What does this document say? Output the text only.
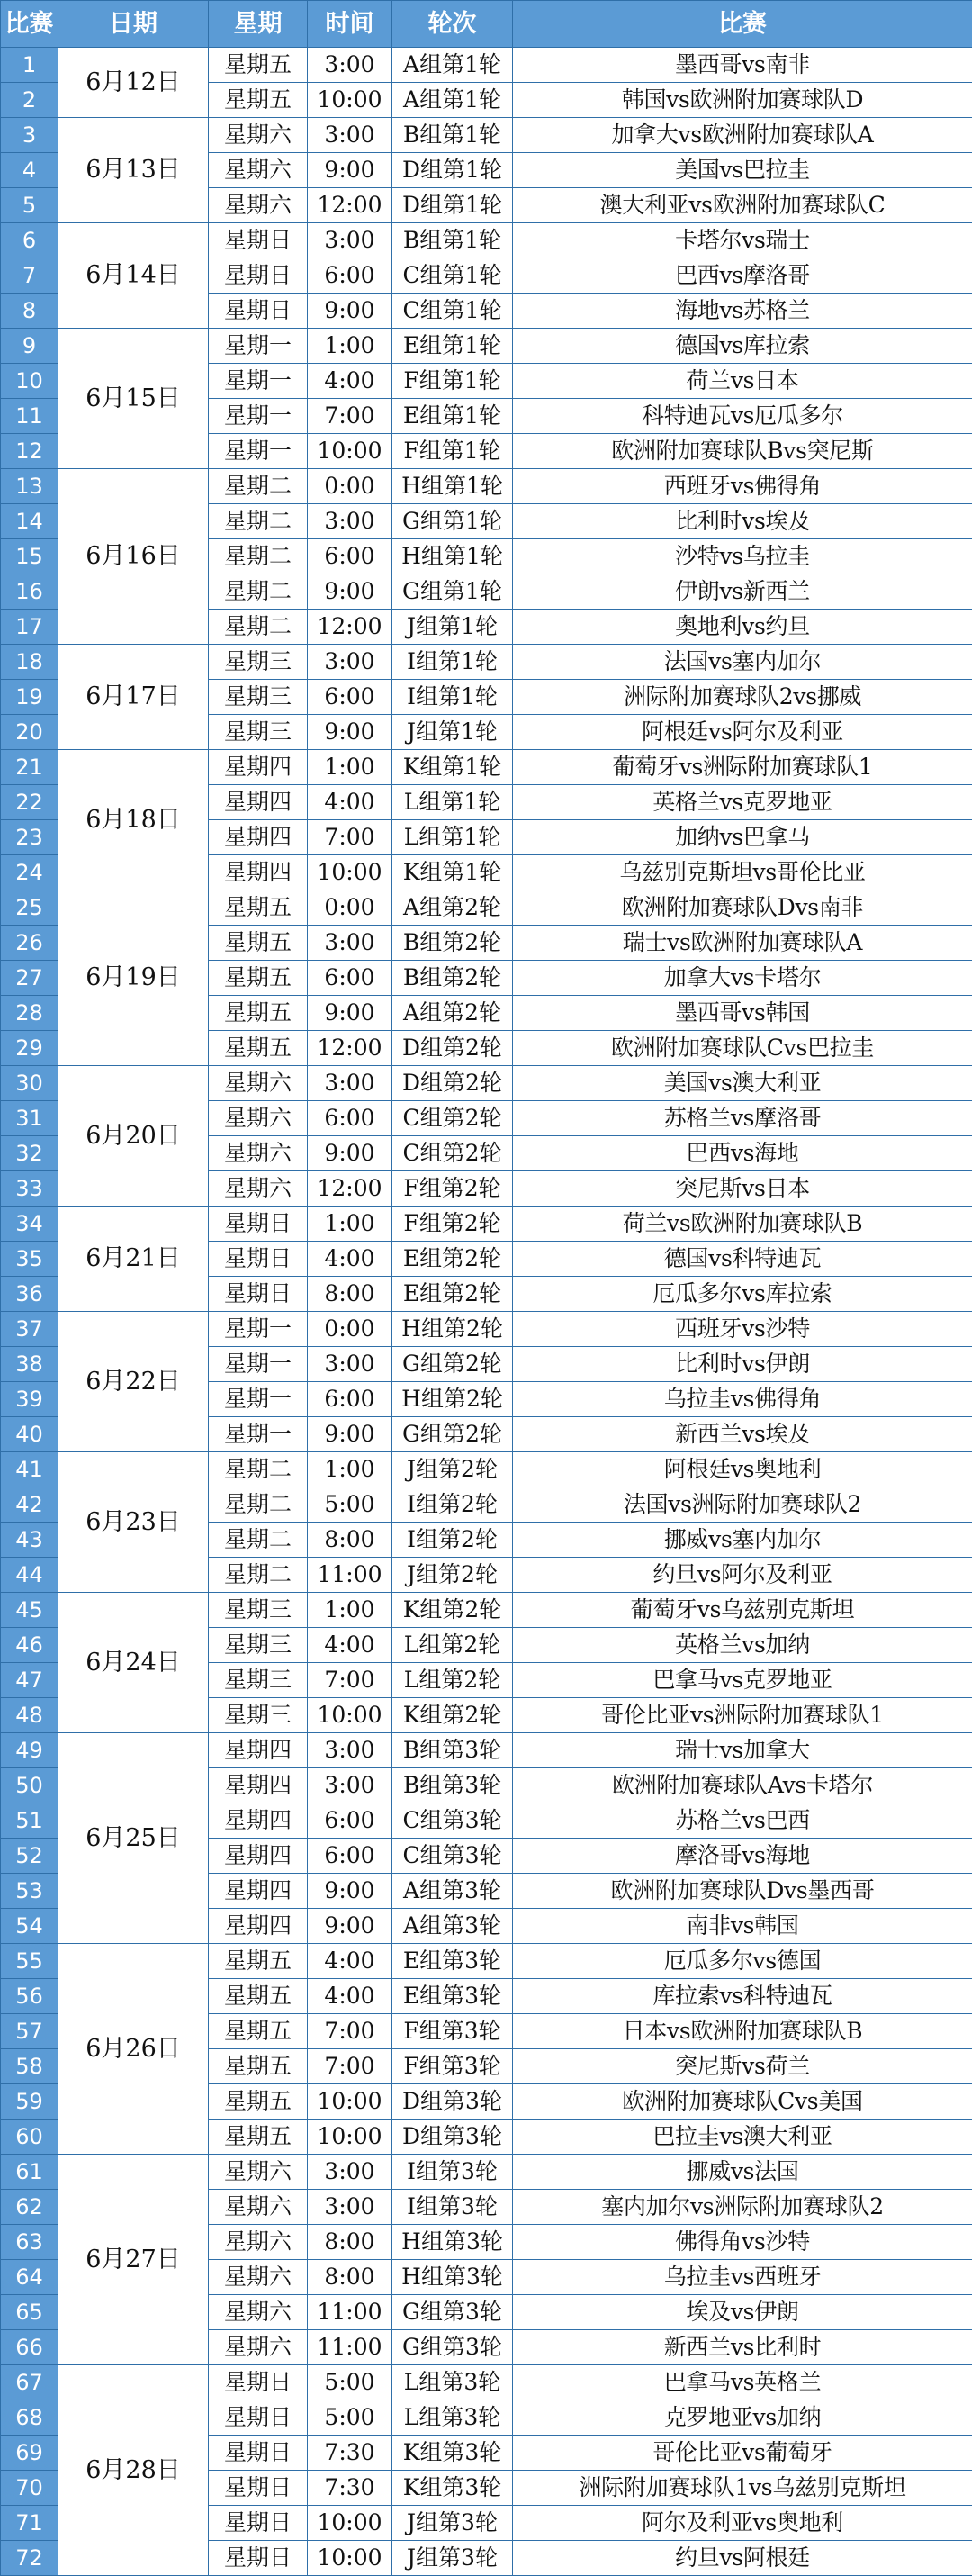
比赛	日期	星期	时间	轮次	比赛
1	6月12日	星期五	3:00	A组第1轮	墨西哥vs南非
2		星期五	10:00	A组第1轮	韩国vs欧洲附加赛球队D
3	6月13日	星期六	3:00	B组第1轮	加拿大vs欧洲附加赛球队A
4		星期六	9:00	D组第1轮	美国vs巴拉圭
5		星期六	12:00	D组第1轮	澳大利亚vs欧洲附加赛球队C
6	6月14日	星期日	3:00	B组第1轮	卡塔尔vs瑞士
7		星期日	6:00	C组第1轮	巴西vs摩洛哥
8		星期日	9:00	C组第1轮	海地vs苏格兰
9	6月15日	星期一	1:00	E组第1轮	德国vs库拉索
10		星期一	4:00	F组第1轮	荷兰vs日本
11		星期一	7:00	E组第1轮	科特迪瓦vs厄瓜多尔
12		星期一	10:00	F组第1轮	欧洲附加赛球队Bvs突尼斯
13	6月16日	星期二	0:00	H组第1轮	西班牙vs佛得角
14		星期二	3:00	G组第1轮	比利时vs埃及
15		星期二	6:00	H组第1轮	沙特vs乌拉圭
16		星期二	9:00	G组第1轮	伊朗vs新西兰
17		星期二	12:00	J组第1轮	奥地利vs约旦
18	6月17日	星期三	3:00	I组第1轮	法国vs塞内加尔
19		星期三	6:00	I组第1轮	洲际附加赛球队2vs挪威
20		星期三	9:00	J组第1轮	阿根廷vs阿尔及利亚
21	6月18日	星期四	1:00	K组第1轮	葡萄牙vs洲际附加赛球队1
22		星期四	4:00	L组第1轮	英格兰vs克罗地亚
23		星期四	7:00	L组第1轮	加纳vs巴拿马
24		星期四	10:00	K组第1轮	乌兹别克斯坦vs哥伦比亚
25	6月19日	星期五	0:00	A组第2轮	欧洲附加赛球队Dvs南非
26		星期五	3:00	B组第2轮	瑞士vs欧洲附加赛球队A
27		星期五	6:00	B组第2轮	加拿大vs卡塔尔
28		星期五	9:00	A组第2轮	墨西哥vs韩国
29		星期五	12:00	D组第2轮	欧洲附加赛球队Cvs巴拉圭
30	6月20日	星期六	3:00	D组第2轮	美国vs澳大利亚
31		星期六	6:00	C组第2轮	苏格兰vs摩洛哥
32		星期六	9:00	C组第2轮	巴西vs海地
33		星期六	12:00	F组第2轮	突尼斯vs日本
34	6月21日	星期日	1:00	F组第2轮	荷兰vs欧洲附加赛球队B
35		星期日	4:00	E组第2轮	德国vs科特迪瓦
36		星期日	8:00	E组第2轮	厄瓜多尔vs库拉索
37	6月22日	星期一	0:00	H组第2轮	西班牙vs沙特
38		星期一	3:00	G组第2轮	比利时vs伊朗
39		星期一	6:00	H组第2轮	乌拉圭vs佛得角
40		星期一	9:00	G组第2轮	新西兰vs埃及
41	6月23日	星期二	1:00	J组第2轮	阿根廷vs奥地利
42		星期二	5:00	I组第2轮	法国vs洲际附加赛球队2
43		星期二	8:00	I组第2轮	挪威vs塞内加尔
44		星期二	11:00	J组第2轮	约旦vs阿尔及利亚
45	6月24日	星期三	1:00	K组第2轮	葡萄牙vs乌兹别克斯坦
46		星期三	4:00	L组第2轮	英格兰vs加纳
47		星期三	7:00	L组第2轮	巴拿马vs克罗地亚
48		星期三	10:00	K组第2轮	哥伦比亚vs洲际附加赛球队1
49	6月25日	星期四	3:00	B组第3轮	瑞士vs加拿大
50		星期四	3:00	B组第3轮	欧洲附加赛球队Avs卡塔尔
51		星期四	6:00	C组第3轮	苏格兰vs巴西
52		星期四	6:00	C组第3轮	摩洛哥vs海地
53		星期四	9:00	A组第3轮	欧洲附加赛球队Dvs墨西哥
54		星期四	9:00	A组第3轮	南非vs韩国
55	6月26日	星期五	4:00	E组第3轮	厄瓜多尔vs德国
56		星期五	4:00	E组第3轮	库拉索vs科特迪瓦
57		星期五	7:00	F组第3轮	日本vs欧洲附加赛球队B
58		星期五	7:00	F组第3轮	突尼斯vs荷兰
59		星期五	10:00	D组第3轮	欧洲附加赛球队Cvs美国
60		星期五	10:00	D组第3轮	巴拉圭vs澳大利亚
61	6月27日	星期六	3:00	I组第3轮	挪威vs法国
62		星期六	3:00	I组第3轮	塞内加尔vs洲际附加赛球队2
63		星期六	8:00	H组第3轮	佛得角vs沙特
64		星期六	8:00	H组第3轮	乌拉圭vs西班牙
65		星期六	11:00	G组第3轮	埃及vs伊朗
66		星期六	11:00	G组第3轮	新西兰vs比利时
67	6月28日	星期日	5:00	L组第3轮	巴拿马vs英格兰
68		星期日	5:00	L组第3轮	克罗地亚vs加纳
69		星期日	7:30	K组第3轮	哥伦比亚vs葡萄牙
70		星期日	7:30	K组第3轮	洲际附加赛球队1vs乌兹别克斯坦
71		星期日	10:00	J组第3轮	阿尔及利亚vs奥地利
72		星期日	10:00	J组第3轮	约旦vs阿根廷
